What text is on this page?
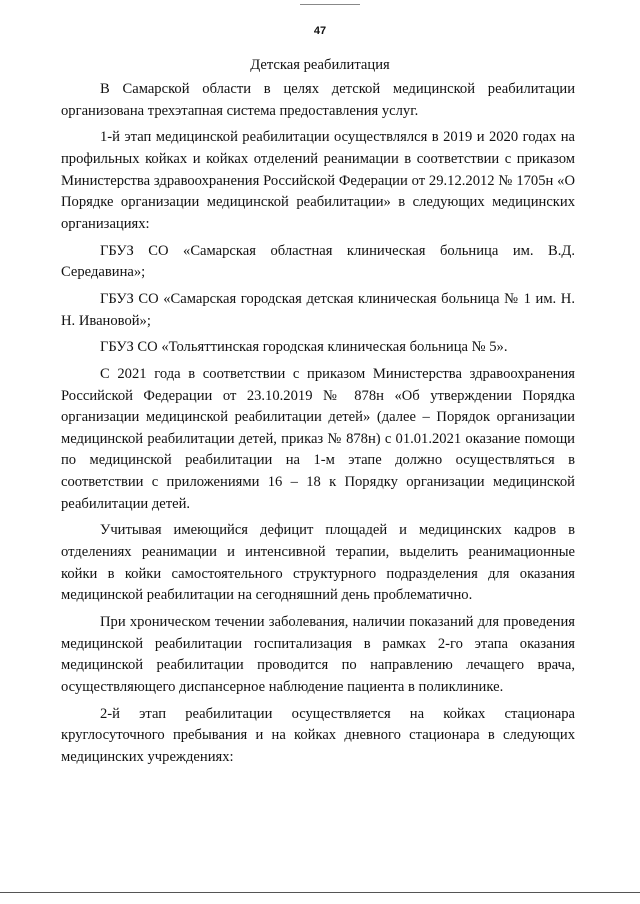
47
Детская реабилитация

В Самарской области в целях детской медицинской реабилитации организована трехэтапная система предоставления услуг.

1-й этап медицинской реабилитации осуществлялся в 2019 и 2020 годах на профильных койках и койках отделений реанимации в соответствии с приказом Министерства здравоохранения Российской Федерации от 29.12.2012 № 1705н «О Порядке организации медицинской реабилитации» в следующих медицинских организациях:

ГБУЗ СО «Самарская областная клиническая больница им. В.Д. Середавина»;

ГБУЗ СО «Самарская городская детская клиническая больница № 1 им. Н. Н. Ивановой»;

ГБУЗ СО «Тольяттинская городская клиническая больница № 5».

С 2021 года в соответствии с приказом Министерства здравоохранения Российской Федерации от 23.10.2019 № 878н «Об утверждении Порядка организации медицинской реабилитации детей» (далее – Порядок организации медицинской реабилитации детей, приказ № 878н) с 01.01.2021 оказание помощи по медицинской реабилитации на 1-м этапе должно осуществляться в соответствии с приложениями 16 – 18 к Порядку организации медицинской реабилитации детей.

Учитывая имеющийся дефицит площадей и медицинских кадров в отделениях реанимации и интенсивной терапии, выделить реанимационные койки в койки самостоятельного структурного подразделения для оказания медицинской реабилитации на сегодняшний день проблематично.

При хроническом течении заболевания, наличии показаний для проведения медицинской реабилитации госпитализация в рамках 2-го этапа оказания медицинской реабилитации проводится по направлению лечащего врача, осуществляющего диспансерное наблюдение пациента в поликлинике.

2-й этап реабилитации осуществляется на койках стационара круглосуточного пребывания и на койках дневного стационара в следующих медицинских учреждениях:
